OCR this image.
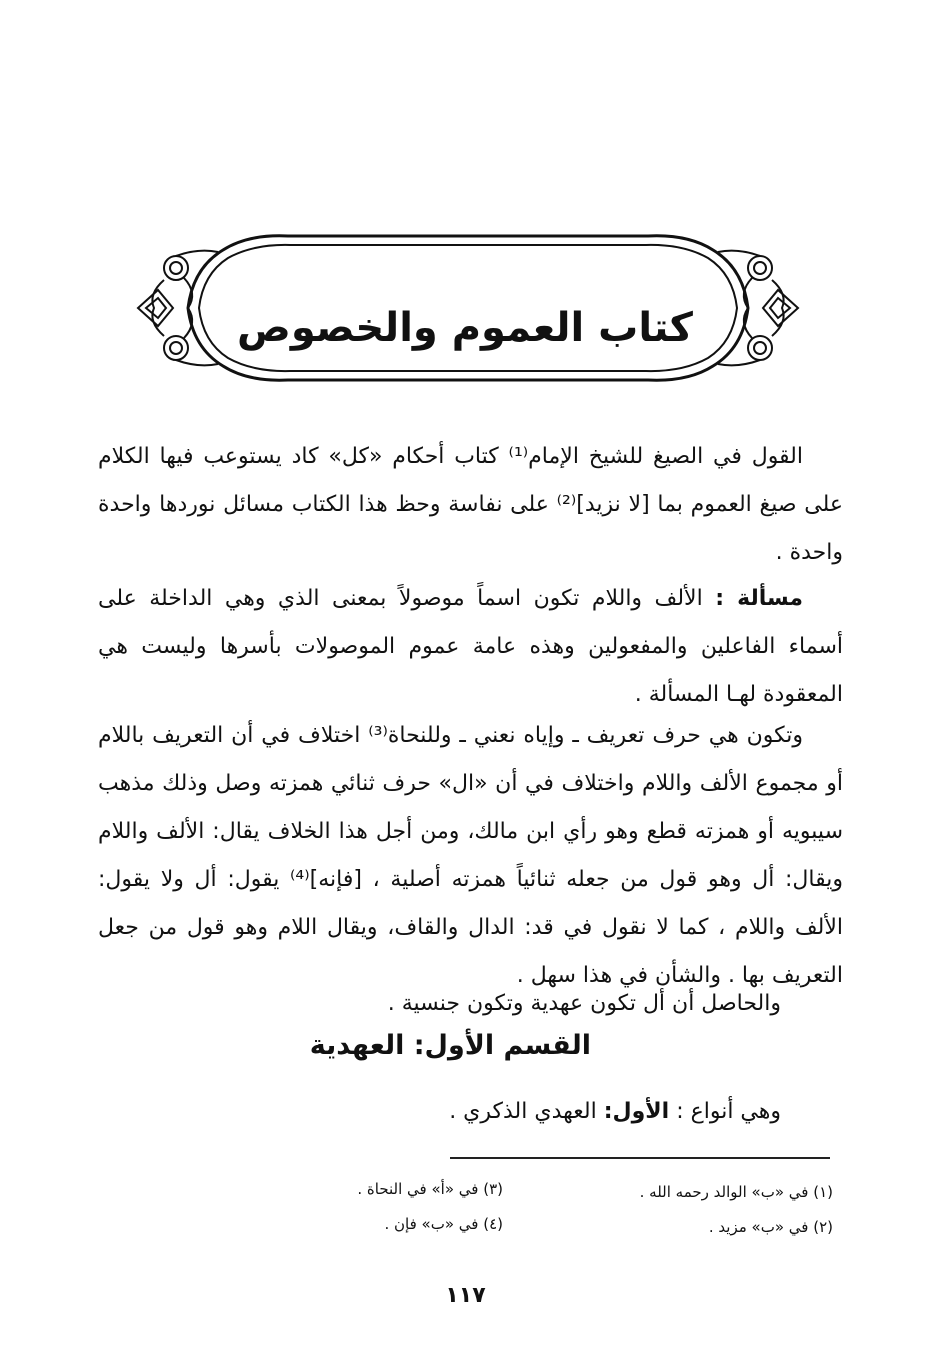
كتاب العموم والخصوص
القول في الصيغ للشيخ الإمام⁽¹⁾ كتاب أحكام «كل» كاد يستوعب فيها الكلام على صيغ العموم بما [لا نزيد]⁽²⁾ على نفاسة وحظ هذا الكتاب مسائل نوردها واحدة واحدة .
مسألة : الألف واللام تكون اسماً موصولاً بمعنى الذي وهي الداخلة على أسماء الفاعلين والمفعولين وهذه عامة عموم الموصولات بأسرها وليست هي المعقودة لهـا المسألة .
وتكون هي حرف تعريف ـ وإياه نعني ـ وللنحاة⁽³⁾ اختلاف في أن التعريف باللام أو مجموع الألف واللام واختلاف في أن «ال» حرف ثنائي همزته وصل وذلك مذهب سيبويه أو همزته قطع وهو رأي ابن مالك، ومن أجل هذا الخلاف يقال: الألف واللام ويقال: أل وهو قول من جعله ثنائياً همزته أصلية ، [فإنه]⁽⁴⁾ يقول: أل ولا يقول: الألف واللام ، كما لا نقول في قد: الدال والقاف، ويقال اللام وهو قول من جعل التعريف بها . والشأن في هذا سهل .
والحاصل أن أل تكون عهدية وتكون جنسية .
القسم الأول: العهدية
وهي أنواع : الأول: العهدي الذكري .
(١) في «ب» الوالد رحمه الله .
(٢) في «ب» مزيد .
(٣) في «أ» في النحاة .
(٤) في «ب» فإن .
١١٧
